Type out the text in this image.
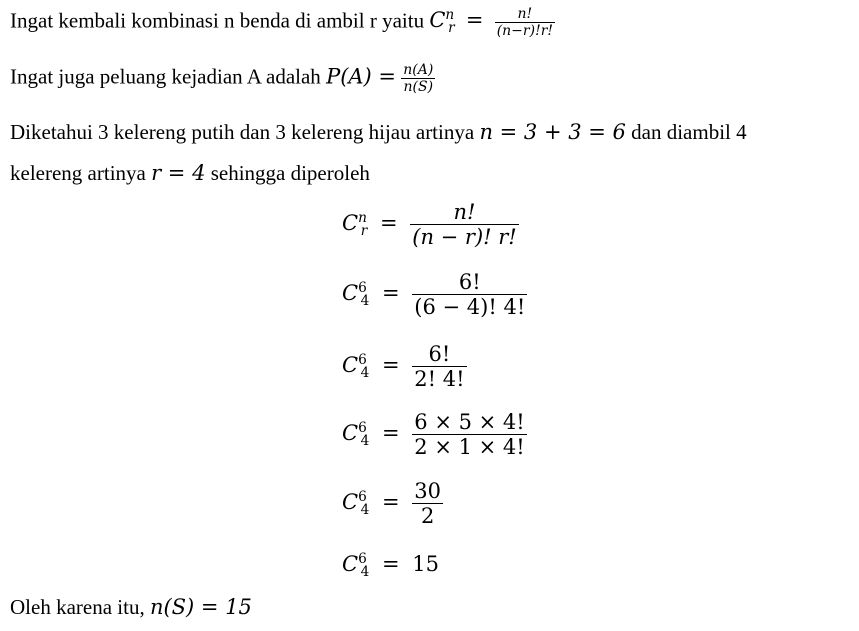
Ingat kembali kombinasi n benda di ambil r yaitu $C^n_r = \frac{n!}{(n-r)!r!}$
Ingat juga peluang kejadian A adalah $P(A) = \frac{n(A)}{n(S)}$
Diketahui 3 kelereng putih dan 3 kelereng hijau artinya n = 3 + 3 = 6 dan diambil 4
kelereng artinya r = 4 sehingga diperoleh
$C^n_r = \frac{n!}{(n - r)! r!}$
$C^6_4 = \frac{6!}{(6 - 4)! 4!}$
$C^6_4 = \frac{6!}{2! 4!}$
$C^6_4 = \frac{6 \times 5 \times 4!}{2 \times 1 \times 4!}$
$C^6_4 = \frac{30}{2}$
$C^6_4 = 15$
Oleh karena itu, n(S) = 15
